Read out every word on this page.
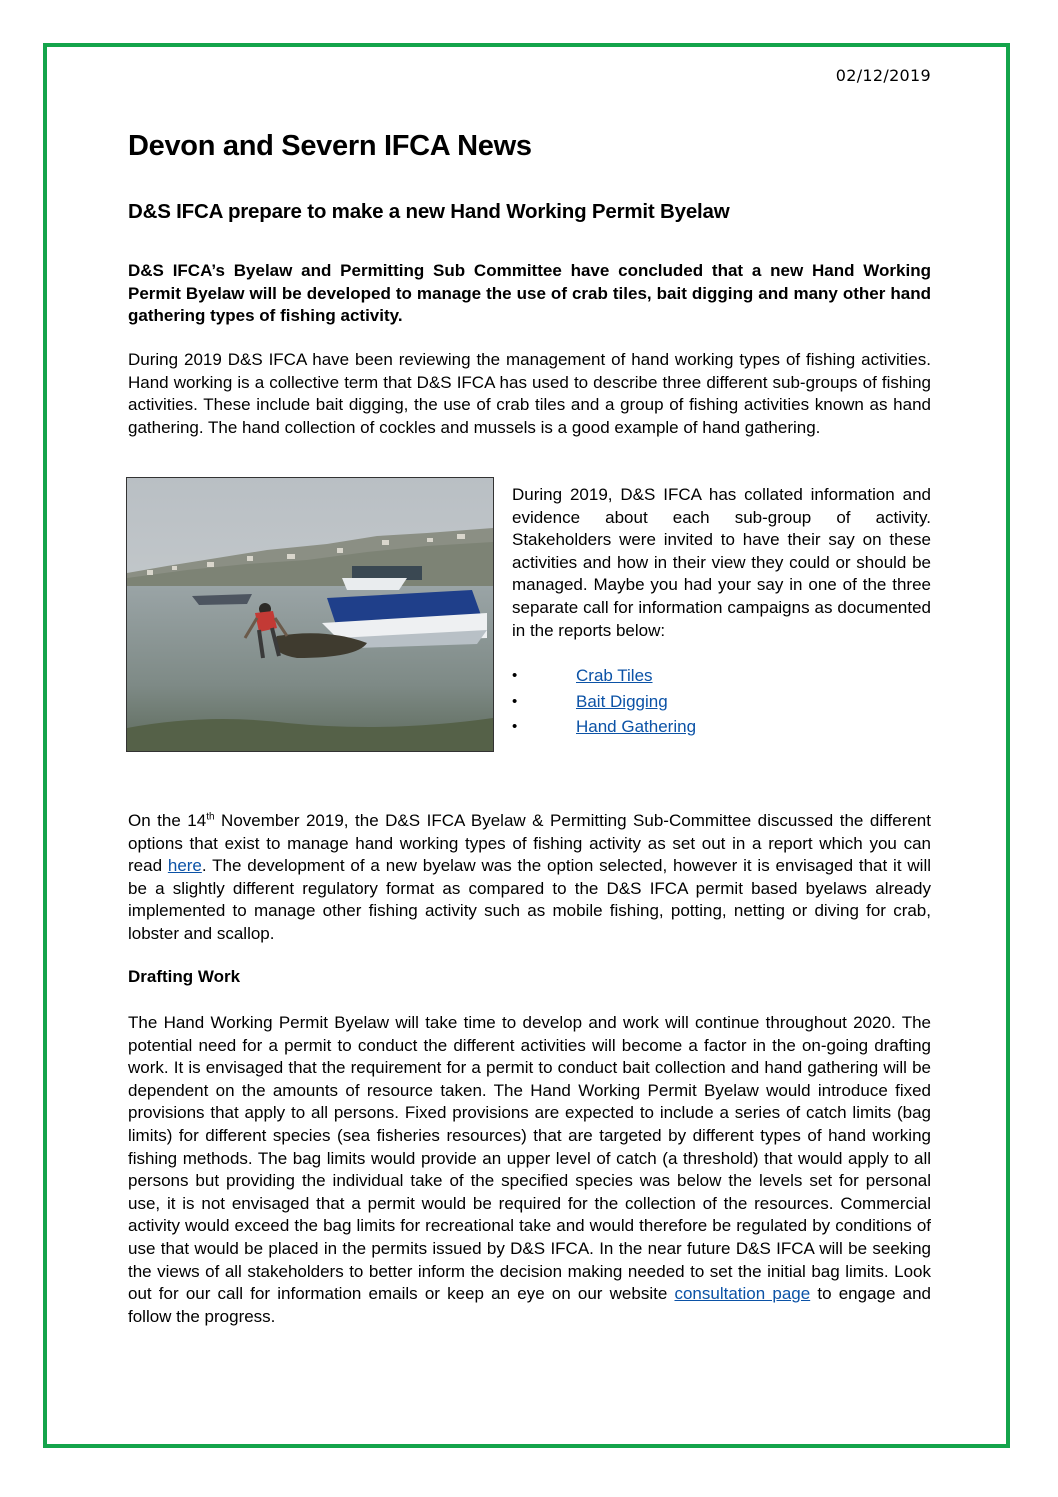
02/12/2019
Devon and Severn IFCA News
D&S IFCA prepare to make a new Hand Working Permit Byelaw

D&S IFCA’s Byelaw and Permitting Sub Committee have concluded that a new Hand Working Permit Byelaw will be developed to manage the use of crab tiles, bait digging and many other hand gathering types of fishing activity.

During 2019 D&S IFCA have been reviewing the management of hand working types of fishing activities. Hand working is a collective term that D&S IFCA has used to describe three different sub-groups of fishing activities. These include bait digging, the use of crab tiles and a group of fishing activities known as hand gathering. The hand collection of cockles and mussels is a good example of hand gathering.

During 2019, D&S IFCA has collated information and evidence about each sub-group of activity. Stakeholders were invited to have their say on these activities and how in their view they could or should be managed. Maybe you had your say in one of the three separate call for information campaigns as documented in the reports below:

•	Crab Tiles
•	Bait Digging
•	Hand Gathering

On the 14th November 2019, the D&S IFCA Byelaw & Permitting Sub-Committee discussed the different options that exist to manage hand working types of fishing activity as set out in a report which you can read here. The development of a new byelaw was the option selected, however it is envisaged that it will be a slightly different regulatory format as compared to the D&S IFCA permit based byelaws already implemented to manage other fishing activity such as mobile fishing, potting, netting or diving for crab, lobster and scallop.

Drafting Work

The Hand Working Permit Byelaw will take time to develop and work will continue throughout 2020. The potential need for a permit to conduct the different activities will become a factor in the on-going drafting work. It is envisaged that the requirement for a permit to conduct bait collection and hand gathering will be dependent on the amounts of resource taken. The Hand Working Permit Byelaw would introduce fixed provisions that apply to all persons. Fixed provisions are expected to include a series of catch limits (bag limits) for different species (sea fisheries resources) that are targeted by different types of hand working fishing methods. The bag limits would provide an upper level of catch (a threshold) that would apply to all persons but providing the individual take of the specified species was below the levels set for personal use, it is not envisaged that a permit would be required for the collection of the resources. Commercial activity would exceed the bag limits for recreational take and would therefore be regulated by conditions of use that would be placed in the permits issued by D&S IFCA. In the near future D&S IFCA will be seeking the views of all stakeholders to better inform the decision making needed to set the initial bag limits. Look out for our call for information emails or keep an eye on our website consultation page to engage and follow the progress.
